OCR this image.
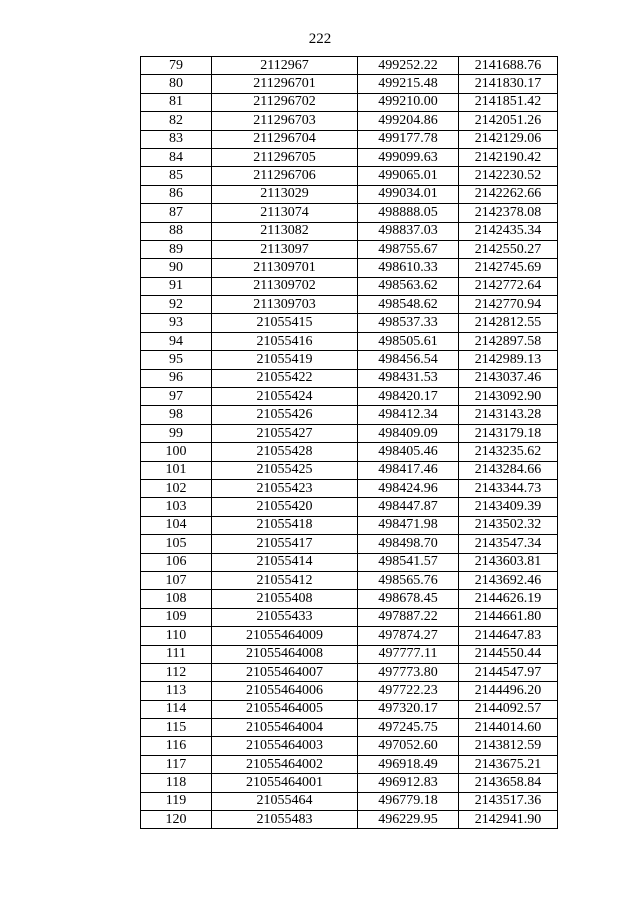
222
79	2112967	499252.22	2141688.76
80	211296701	499215.48	2141830.17
81	211296702	499210.00	2141851.42
82	211296703	499204.86	2142051.26
83	211296704	499177.78	2142129.06
84	211296705	499099.63	2142190.42
85	211296706	499065.01	2142230.52
86	2113029	499034.01	2142262.66
87	2113074	498888.05	2142378.08
88	2113082	498837.03	2142435.34
89	2113097	498755.67	2142550.27
90	211309701	498610.33	2142745.69
91	211309702	498563.62	2142772.64
92	211309703	498548.62	2142770.94
93	21055415	498537.33	2142812.55
94	21055416	498505.61	2142897.58
95	21055419	498456.54	2142989.13
96	21055422	498431.53	2143037.46
97	21055424	498420.17	2143092.90
98	21055426	498412.34	2143143.28
99	21055427	498409.09	2143179.18
100	21055428	498405.46	2143235.62
101	21055425	498417.46	2143284.66
102	21055423	498424.96	2143344.73
103	21055420	498447.87	2143409.39
104	21055418	498471.98	2143502.32
105	21055417	498498.70	2143547.34
106	21055414	498541.57	2143603.81
107	21055412	498565.76	2143692.46
108	21055408	498678.45	2144626.19
109	21055433	497887.22	2144661.80
110	21055464009	497874.27	2144647.83
111	21055464008	497777.11	2144550.44
112	21055464007	497773.80	2144547.97
113	21055464006	497722.23	2144496.20
114	21055464005	497320.17	2144092.57
115	21055464004	497245.75	2144014.60
116	21055464003	497052.60	2143812.59
117	21055464002	496918.49	2143675.21
118	21055464001	496912.83	2143658.84
119	21055464	496779.18	2143517.36
120	21055483	496229.95	2142941.90
